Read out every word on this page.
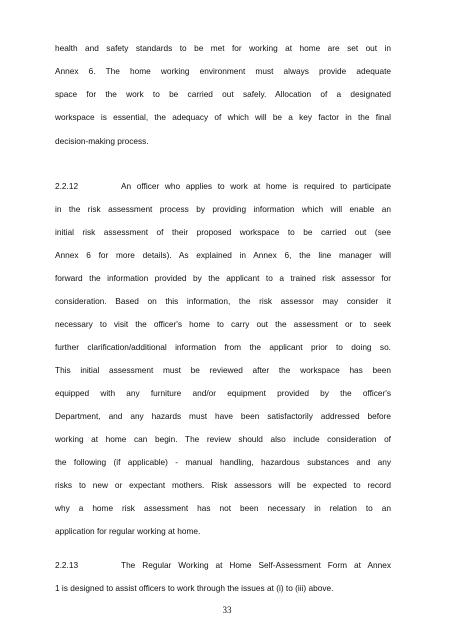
health and safety standards to be met for working at home are set out in
Annex 6. The home working environment must always provide adequate
space for the work to be carried out safely. Allocation of a designated
workspace is essential, the adequacy of which will be a key factor in the final
decision-making process.
2.2.12	An officer who applies to work at home is required to participate
in the risk assessment process by providing information which will enable an
initial risk assessment of their proposed workspace to be carried out (see
Annex 6 for more details). As explained in Annex 6, the line manager will
forward the information provided by the applicant to a trained risk assessor for
consideration. Based on this information, the risk assessor may consider it
necessary to visit the officer's home to carry out the assessment or to seek
further clarification/additional information from the applicant prior to doing so.
This initial assessment must be reviewed after the workspace has been
equipped with any furniture and/or equipment provided by the officer's
Department, and any hazards must have been satisfactorily addressed before
working at home can begin. The review should also include consideration of
the following (if applicable) - manual handling, hazardous substances and any
risks to new or expectant mothers. Risk assessors will be expected to record
why a home risk assessment has not been necessary in relation to an
application for regular working at home.
2.2.13	The Regular Working at Home Self-Assessment Form at Annex
1 is designed to assist officers to work through the issues at (i) to (iii) above.
33
